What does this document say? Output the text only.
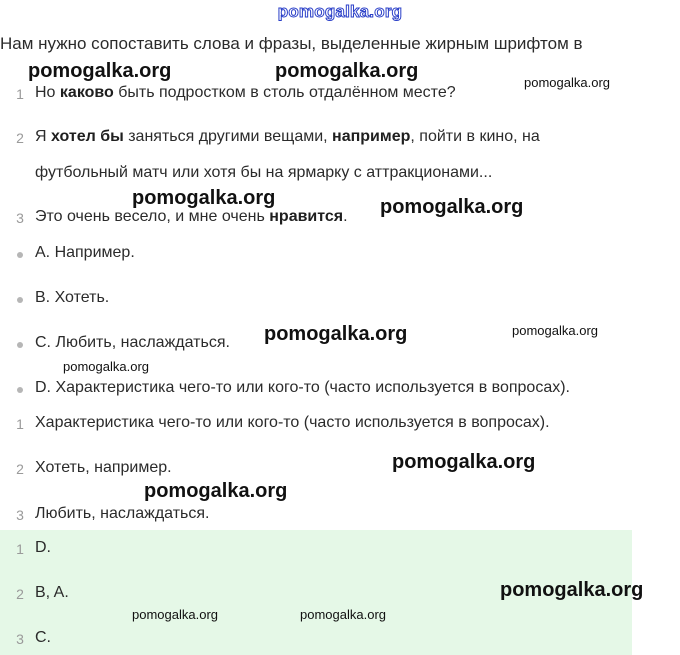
pomogalka.org
Нам нужно сопоставить слова и фразы, выделенные жирным шрифтом в
1 Но каково быть подростком в столь отдалённом месте?
2 Я хотел бы заняться другими вещами, например, пойти в кино, на
футбольный матч или хотя бы на ярмарку с аттракционами...
3 Это очень весело, и мне очень нравится.
A. Например.
B. Хотеть.
C. Любить, наслаждаться.
D. Характеристика чего-то или кого-то (часто используется в вопросах).
1 Характеристика чего-то или кого-то (часто используется в вопросах).
2 Хотеть, например.
3 Любить, наслаждаться.
1 D.
2 B, A.
3 C.
pomogalka.org	pomogalka.org
pomogalka.org
pomogalka.org	pomogalka.org
pomogalka.org	pomogalka.org
pomogalka.org
pomogalka.org
pomogalka.org
pomogalka.org
pomogalka.org	pomogalka.org
